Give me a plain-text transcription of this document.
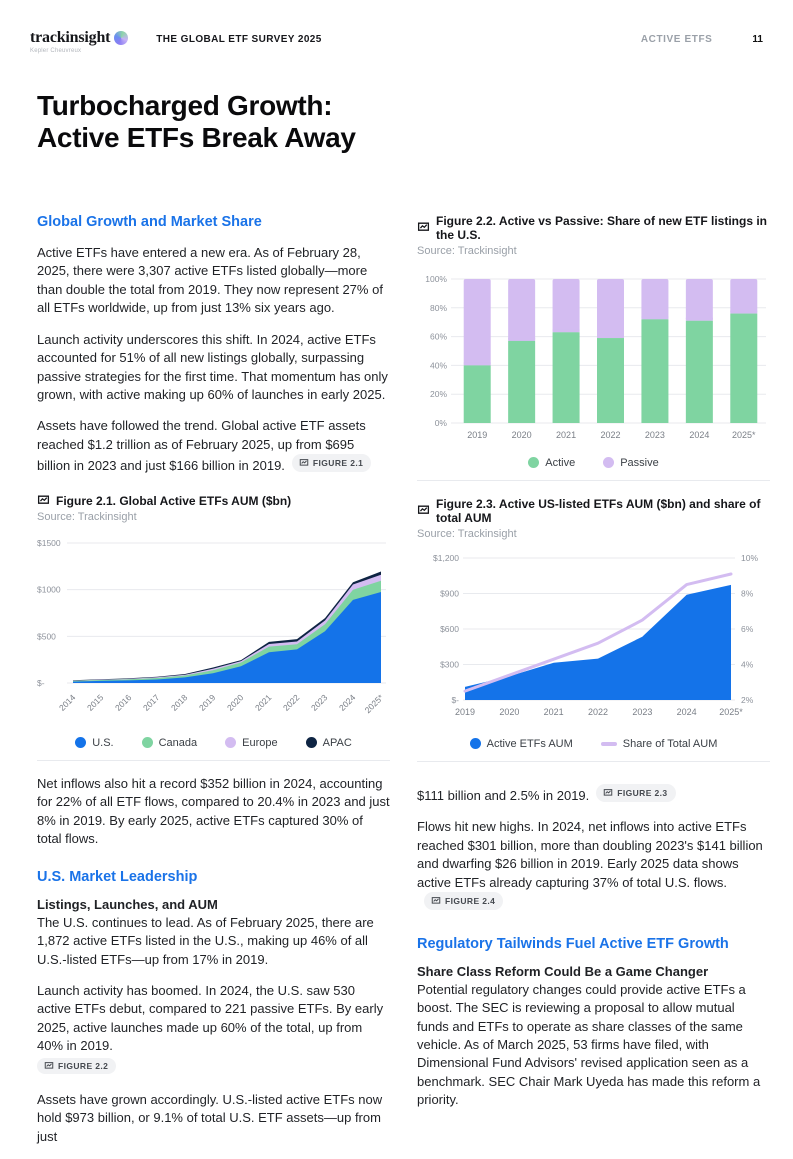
trackinsight
Kepler Cheuvreux
THE GLOBAL ETF SURVEY 2025	ACTIVE ETFS	11
Turbocharged Growth:
Active ETFs Break Away
Global Growth and Market Share

Active ETFs have entered a new era. As of February 28, 2025, there were 3,307 active ETFs listed globally—more than double the total from 2019. They now represent 27% of all ETFs worldwide, up from just 13% six years ago.

Launch activity underscores this shift. In 2024, active ETFs accounted for 51% of all new listings globally, surpassing passive strategies for the first time. That momentum has only grown, with active making up 60% of launches in early 2025.

Assets have followed the trend. Global active ETF assets reached $1.2 trillion as of February 2025, up from $695 billion in 2023 and just $166 billion in 2019.	FIGURE 2.1

Figure 2.1. Global Active ETFs AUM ($bn)
Source: Trackinsight
$-
$500
$1000
$1500
2014 2015 2016 2017 2018 2019 2020 2021 2022 2023 2024 2025*
U.S.	Canada	Europe	APAC

Net inflows also hit a record $352 billion in 2024, accounting for 22% of all ETF flows, compared to 20.4% in 2023 and just 8% in 2019. By early 2025, active ETFs captured 30% of total flows.

U.S. Market Leadership
Listings, Launches, and AUM

The U.S. continues to lead. As of February 2025, there are 1,872 active ETFs listed in the U.S., making up 46% of all U.S.-listed ETFs—up from 17% in 2019.

Launch activity has boomed. In 2024, the U.S. saw 530 active ETFs debut, compared to 221 passive ETFs. By early 2025, active launches made up 60% of the total, up from 40% in 2019.

FIGURE 2.2

Assets have grown accordingly. U.S.-listed active ETFs now hold $973 billion, or 9.1% of total U.S. ETF assets—up from just

Figure 2.2. Active vs Passive: Share of new ETF listings in the U.S.
Source: Trackinsight
0%
20%
40%
60%
80%
100%
2019	2020	2021	2022	2023	2024	2025*
Active	Passive
Figure 2.3. Active US-listed ETFs AUM ($bn) and share of total AUM
Source: Trackinsight
$-
$300
$600
$900
$1,200
2%
4%
6%
8%
10%
2019	2020	2021	2022	2023	2024	2025*
Active ETFs AUM	Share of Total AUM

$111 billion and 2.5% in 2019.	FIGURE 2.3

Flows hit new highs. In 2024, net inflows into active ETFs reached $301 billion, more than doubling 2023's $141 billion and dwarfing $26 billion in 2019. Early 2025 data shows active ETFs already capturing 37% of total U.S. flows.
FIGURE 2.4

Regulatory Tailwinds Fuel Active ETF Growth
Share Class Reform Could Be a Game Changer

Potential regulatory changes could provide active ETFs a boost. The SEC is reviewing a proposal to allow mutual funds and ETFs to operate as share classes of the same vehicle. As of March 2025, 53 firms have filed, with Dimensional Fund Advisors' revised application seen as a benchmark. SEC Chair Mark Uyeda has made this reform a priority.
